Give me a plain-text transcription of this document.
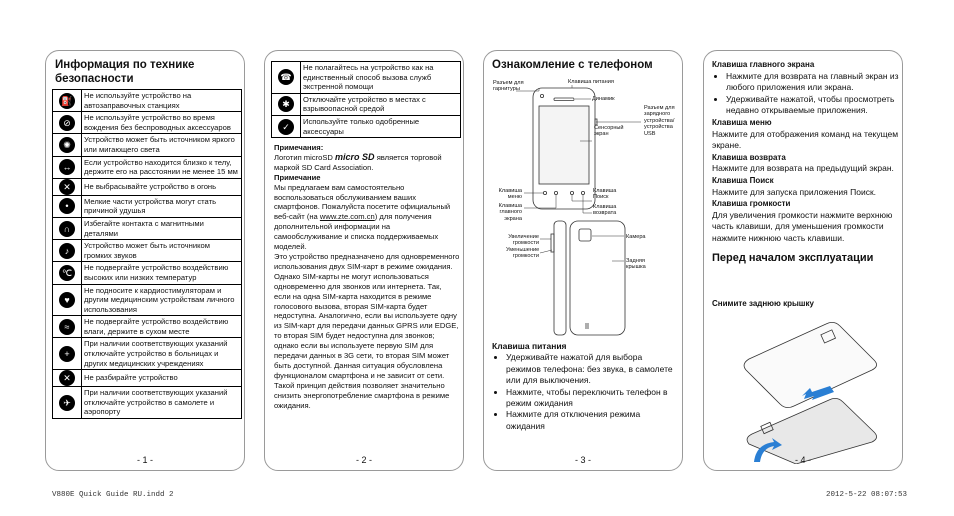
Информация по технике безопасности
⛽	Не используйте устройство на автозаправочных станциях
⊘	Не используйте устройство во время вождения без беспроводных аксессуаров
✺	Устройство может быть источником яркого или мигающего света
↔	Если устройство находится близко к телу, держите его на расстоянии не менее 15 мм
✕	Не выбрасывайте устройство в огонь
•	Мелкие части устройства могут стать причиной удушья
∩	Избегайте контакта с магнитными деталями
♪	Устройство может быть источником громких звуков
℃	Не подвергайте устройство воздействию высоких или низких температур
♥	Не подносите к кардиостимуляторам и другим медицинским устройствам личного использования
≈	Не подвергайте устройство воздействию влаги, держите в сухом месте
+	При наличии соответствующих указаний отключайте устройство в больницах и других медицинских учреждениях
✕	Не разбирайте устройство
✈	При наличии соответствующих указаний отключайте устройство в самолете и аэропорту
- 1 -
☎	Не полагайтесь на устройство как на единственный способ вызова служб экстренной помощи
✱	Отключайте устройство в местах с взрывоопасной средой
✓	Используйте только одобренные аксессуары
Примечания:
Логотип microSD micro SD является торговой маркой SD Card Association.
Примечание
Мы предлагаем вам самостоятельно воспользоваться обслуживанием ваших смартфонов. Пожалуйста посетите официальный веб-сайт (на www.zte.com.cn) для получения дополнительной информации на самообслуживание и списка поддерживаемых моделей.
Это устройство предназначено для одновременного использования двух SIM-карт в режиме ожидания. Однако SIM-карты не могут использоваться одновременно для звонков или интернета. Так, если на одна SIM-карта находится в режиме голосового вызова, вторая SIM-карта будет недоступна. Аналогично, если вы используете одну из SIM-карт для передачи данных GPRS или EDGE, то вторая SIM будет недоступна для звонков; однако если вы используете первую SIM для передачи данных в 3G сети, то вторая SIM может быть доступной. Данная ситуация обусловлена функционалом смартфона и не зависит от сети. Такой принцип действия позволяет значительно снизить энергопотребление смартфона в режиме ожидания.
- 2 -
Ознакомление с телефоном
Разъем для гарнитуры
Клавиша питания
Динамик
Разъем для зарядного устройства/ устройства USB
Сенсорный экран
Клавиша меню
Клавиша главного экрана
Клавиша Поиск
Клавиша возврата
Увеличение громкости
Уменьшение громкости
Камера
Задняя крышка
Клавиша питания
• Удерживайте нажатой для выбора режимов телефона: без звука, в самолете или для выключения.
• Нажмите, чтобы переключить телефон в режим ожидания
• Нажмите для отключения режима ожидания
- 3 -
Клавиша главного экрана
• Нажмите для возврата на главный экран из любого приложения или экрана.
• Удерживайте нажатой, чтобы просмотреть недавно открываемые приложения.
Клавиша меню
Нажмите для отображения команд на текущем экране.
Клавиша возврата
Нажмите для возврата на предыдущий экран.
Клавиша Поиск
Нажмите для запуска приложения Поиск.
Клавиша громкости
Для увеличения громкости нажмите верхнюю часть клавиши, для уменьшения громкости нажмите нижнюю часть клавиши.
Перед началом эксплуатации
Снимите заднюю крышку
- 4 -
V880E Quick Guide RU.indd 2	2012-5-22 08:07:53
